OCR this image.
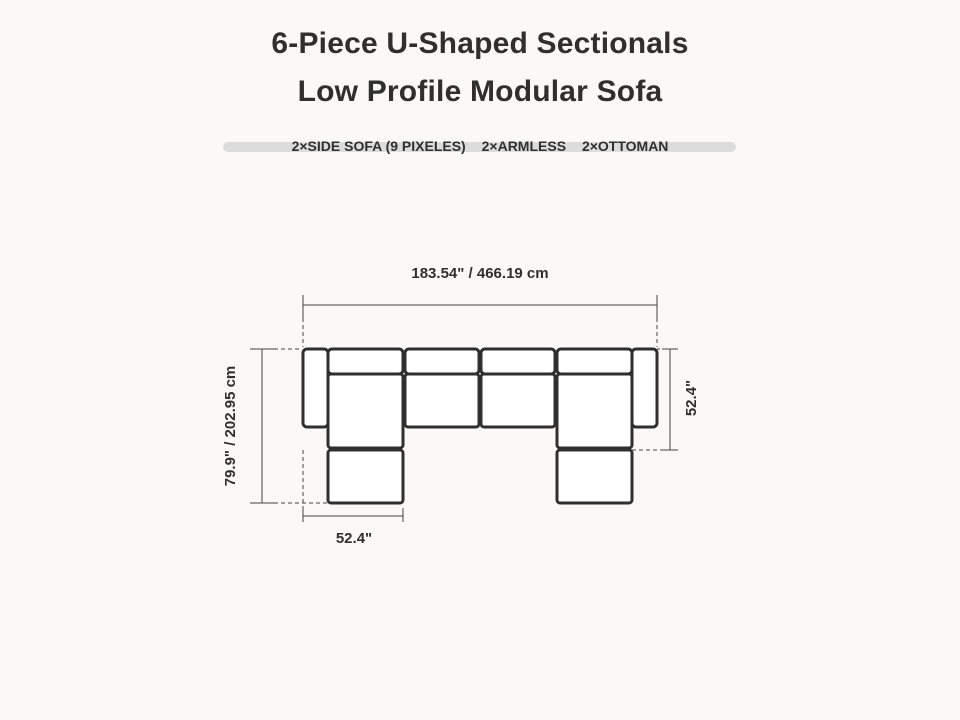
6-Piece U-Shaped Sectionals
Low Profile Modular Sofa
2×SIDE SOFA (9 PIXELES) 2×ARMLESS 2×OTTOMAN
183.54" / 466.19 cm
79.9" / 202.95 cm	52.4"
52.4"
